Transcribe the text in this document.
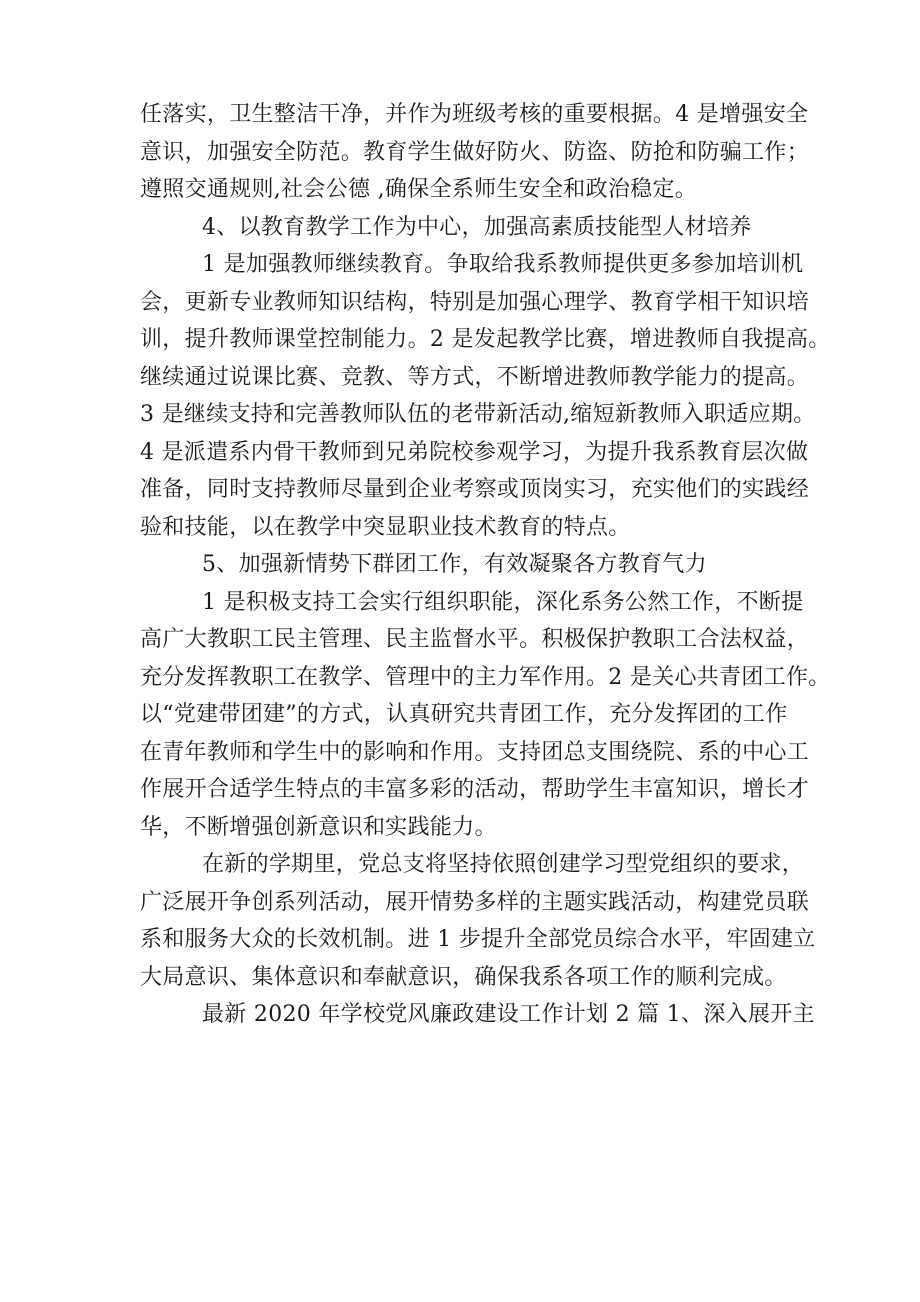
任落实，卫生整洁干净，并作为班级考核的重要根据。4 是增强安全
意识，加强安全防范。教育学生做好防火、防盗、防抢和防骗工作；
遵照交通规则,社会公德 ,确保全系师生安全和政治稳定。
4、以教育教学工作为中心，加强高素质技能型人材培养
1 是加强教师继续教育。争取给我系教师提供更多参加培训机
会，更新专业教师知识结构，特别是加强心理学、教育学相干知识培
训，提升教师课堂控制能力。2 是发起教学比赛，增进教师自我提高。
继续通过说课比赛、竞教、等方式，不断增进教师教学能力的提高。
3 是继续支持和完善教师队伍的老带新活动,缩短新教师入职适应期。
4 是派遣系内骨干教师到兄弟院校参观学习，为提升我系教育层次做
准备，同时支持教师尽量到企业考察或顶岗实习，充实他们的实践经
验和技能，以在教学中突显职业技术教育的特点。
5、加强新情势下群团工作，有效凝聚各方教育气力
1 是积极支持工会实行组织职能，深化系务公然工作，不断提
高广大教职工民主管理、民主监督水平。积极保护教职工合法权益，
充分发挥教职工在教学、管理中的主力军作用。2 是关心共青团工作。
以“党建带团建”的方式，认真研究共青团工作，充分发挥团的工作
在青年教师和学生中的影响和作用。支持团总支围绕院、系的中心工
作展开合适学生特点的丰富多彩的活动，帮助学生丰富知识，增长才
华，不断增强创新意识和实践能力。
在新的学期里，党总支将坚持依照创建学习型党组织的要求，
广泛展开争创系列活动，展开情势多样的主题实践活动，构建党员联
系和服务大众的长效机制。进 1 步提升全部党员综合水平，牢固建立
大局意识、集体意识和奉献意识，确保我系各项工作的顺利完成。
最新 2020 年学校党风廉政建设工作计划 2 篇 1、深入展开主
